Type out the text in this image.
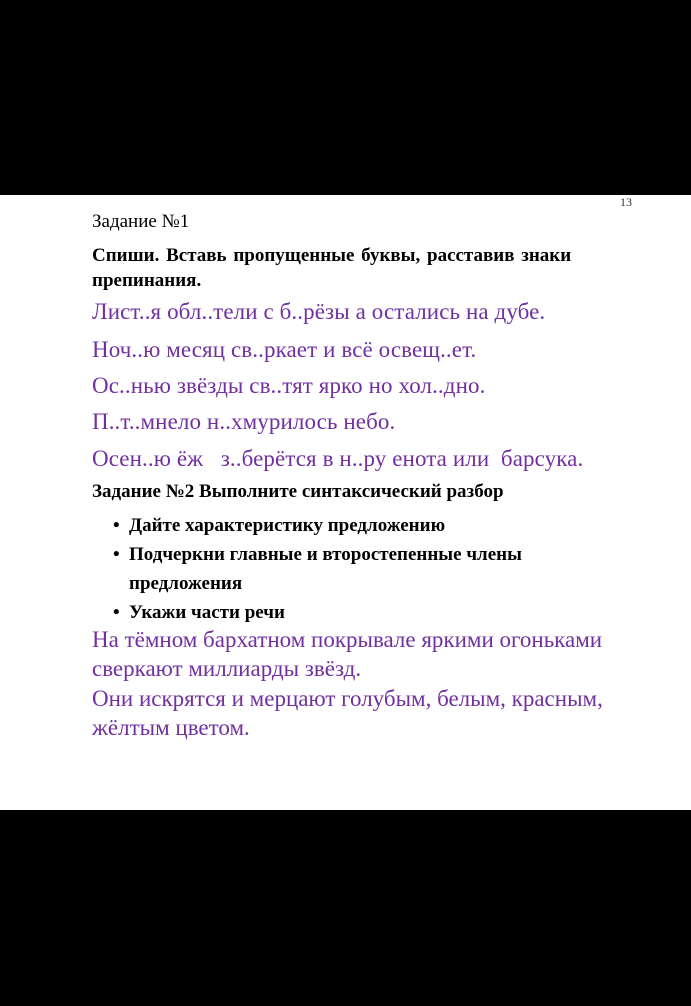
13
Задание №1
Спиши. Вставь пропущенные буквы, расставив знаки препинания.
Лист..я обл..тели с б..рёзы а остались на дубе.
Ноч..ю месяц св..ркает и всё освещ..ет.
Ос..нью звёзды св..тят ярко но хол..дно.
П..т..мнело н..хмурилось небо.
Осен..ю ёж   з..берётся в н..ру енота или  барсука.
Задание №2 Выполните синтаксический разбор
• Дайте характеристику предложению
• Подчеркни главные и второстепенные члены предложения
• Укажи части речи
На тёмном бархатном покрывале яркими огоньками сверкают миллиарды звёзд.
Они искрятся и мерцают голубым, белым, красным, жёлтым цветом.
